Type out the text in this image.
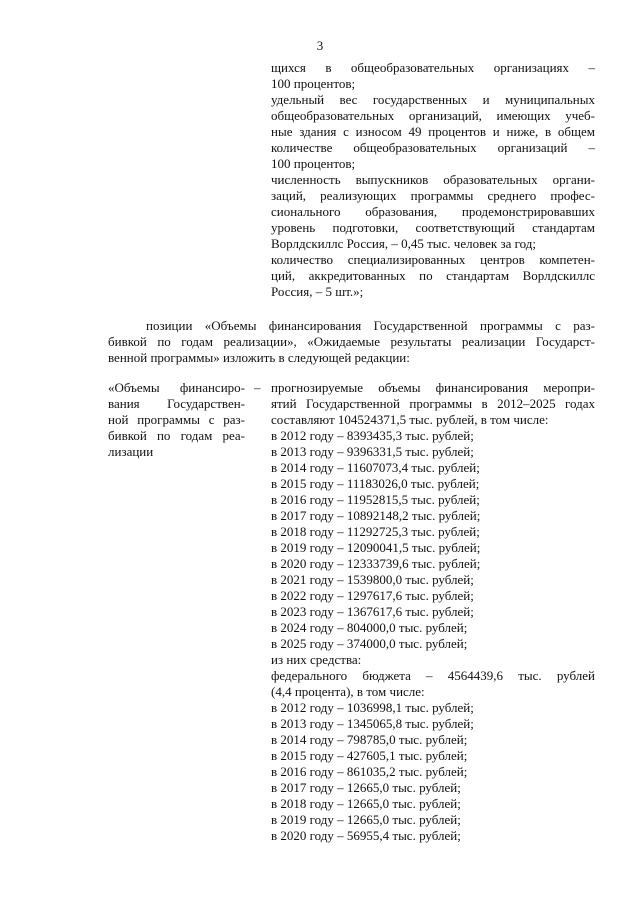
3
щихся в общеобразовательных организациях –
100 процентов;
удельный вес государственных и муниципальных
общеобразовательных организаций, имеющих учеб-
ные здания с износом 49 процентов и ниже, в общем
количестве общеобразовательных организаций –
100 процентов;
численность выпускников образовательных органи-
заций, реализующих программы среднего профес-
сионального образования, продемонстрировавших
уровень подготовки, соответствующий стандартам
Ворлдскиллс Россия, – 0,45 тыс. человек за год;
количество специализированных центров компетен-
ций, аккредитованных по стандартам Ворлдскиллс
Россия, – 5 шт.»;
позиции «Объемы финансирования Государственной программы с раз-
бивкой по годам реализации», «Ожидаемые результаты реализации Государст-
венной программы» изложить в следующей редакции:
«Объемы финансиро-
вания Государствен-
ной программы с раз-
бивкой по годам реа-
лизации
– прогнозируемые объемы финансирования меропри-
ятий Государственной программы в 2012–2025 годах
составляют 104524371,5 тыс. рублей, в том числе:
в 2012 году – 8393435,3 тыс. рублей;
в 2013 году – 9396331,5 тыс. рублей;
в 2014 году – 11607073,4 тыс. рублей;
в 2015 году – 11183026,0 тыс. рублей;
в 2016 году – 11952815,5 тыс. рублей;
в 2017 году – 10892148,2 тыс. рублей;
в 2018 году – 11292725,3 тыс. рублей;
в 2019 году – 12090041,5 тыс. рублей;
в 2020 году – 12333739,6 тыс. рублей;
в 2021 году – 1539800,0 тыс. рублей;
в 2022 году – 1297617,6 тыс. рублей;
в 2023 году – 1367617,6 тыс. рублей;
в 2024 году – 804000,0 тыс. рублей;
в 2025 году – 374000,0 тыс. рублей;
из них средства:
федерального бюджета – 4564439,6 тыс. рублей
(4,4 процента), в том числе:
в 2012 году – 1036998,1 тыс. рублей;
в 2013 году – 1345065,8 тыс. рублей;
в 2014 году – 798785,0 тыс. рублей;
в 2015 году – 427605,1 тыс. рублей;
в 2016 году – 861035,2 тыс. рублей;
в 2017 году – 12665,0 тыс. рублей;
в 2018 году – 12665,0 тыс. рублей;
в 2019 году – 12665,0 тыс. рублей;
в 2020 году – 56955,4 тыс. рублей;
